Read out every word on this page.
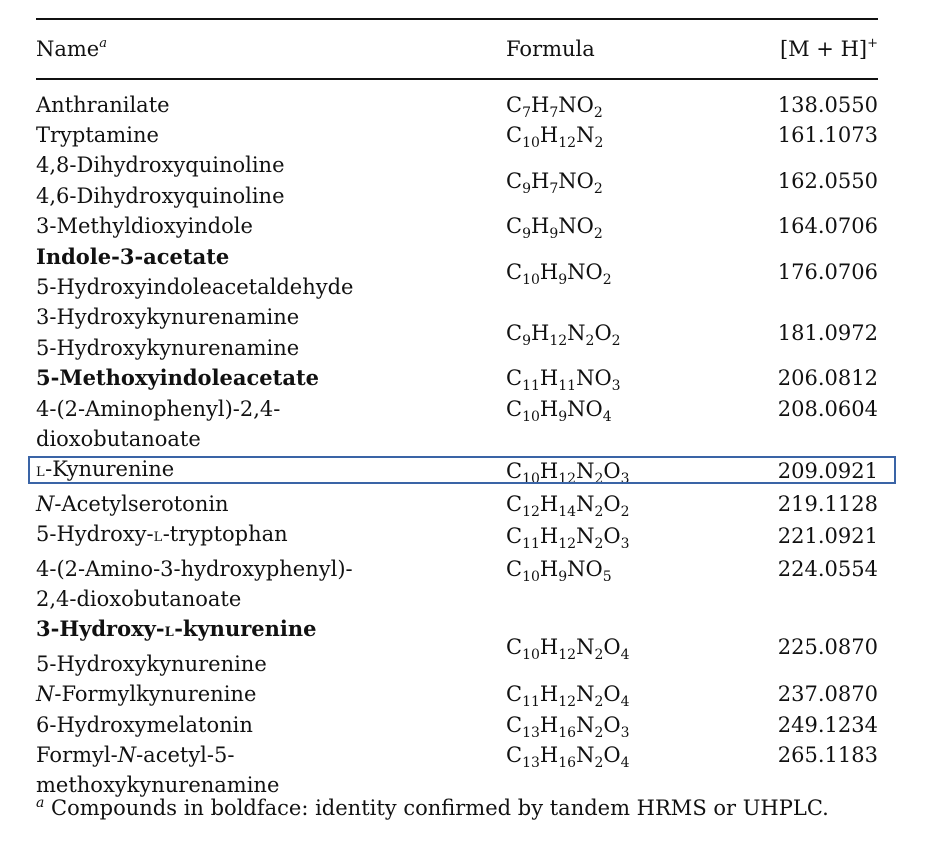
Name$^a$	Formula	[M + H]+
Anthranilate	$C_7H_7NO_2$	138.0550

Tryptamine	$C_{10}H_{12}N_2$	161.1073

4,8-Dihydroxyquinoline
4,6-Dihydroxyquinoline	$C_9H_7NO_2$	162.0550

3-Methyldioxyindole	$C_9H_9NO_2$	164.0706

Indole-3-acetate
5-Hydroxyindoleacetaldehyde	$C_{10}H_9NO_2$	176.0706

3-Hydroxykynurenamine
5-Hydroxykynurenamine	$C_9H_{12}N_2O_2$	181.0972

5-Methoxyindoleacetate	$C_{11}H_{11}NO_3$	206.0812

4-(2-Aminophenyl)-2,4-
dioxobutanoate	$C_{10}H_9NO_4$	208.0604

L-Kynurenine	$C_{10}H_{12}N_2O_3$	209.0921

N-Acetylserotonin	$C_{12}H_{14}N_2O_2$	219.1128

5-Hydroxy-L-tryptophan	$C_{11}H_{12}N_2O_3$	221.0921

4-(2-Amino-3-hydroxyphenyl)-
2,4-dioxobutanoate	$C_{10}H_9NO_5$	224.0554

3-Hydroxy-L-kynurenine
5-Hydroxykynurenine	$C_{10}H_{12}N_2O_4$	225.0870

N-Formylkynurenine	$C_{11}H_{12}N_2O_4$	237.0870

6-Hydroxymelatonin	$C_{13}H_{16}N_2O_3$	249.1234

Formyl-N-acetyl-5-
methoxykynurenamine	$C_{13}H_{16}N_2O_4$	265.1183
$^a$ Compounds in boldface: identity confirmed by tandem HRMS or UHPLC.
